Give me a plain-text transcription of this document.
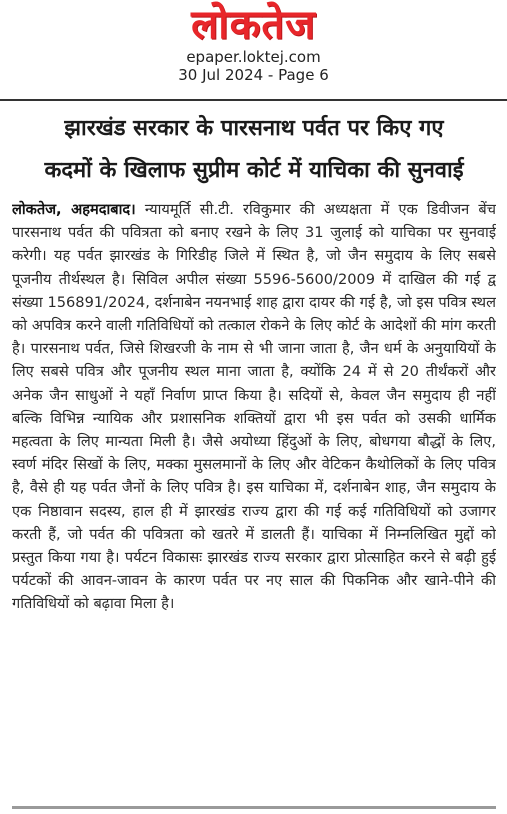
लोकतेज
epaper.loktej.com
30 Jul 2024 - Page 6
झारखंड सरकार के पारसनाथ पर्वत पर किए गए
कदमों के खिलाफ सुप्रीम कोर्ट में याचिका की सुनवाई

लोकतेज, अहमदाबाद। न्यायमूर्ति सी.टी. रविकुमार की अध्यक्षता में एक डिवीजन बेंच पारसनाथ पर्वत की पवित्रता को बनाए रखने के लिए 31 जुलाई को याचिका पर सुनवाई करेगी। यह पर्वत झारखंड के गिरिडीह जिले में स्थित है, जो जैन समुदाय के लिए सबसे पूजनीय तीर्थस्थल है। सिविल अपील संख्या 5596-5600/2009 में दाखिल की गई द्व संख्या 156891/2024, दर्शनाबेन नयनभाई शाह द्वारा दायर की गई है, जो इस पवित्र स्थल को अपवित्र करने वाली गतिविधियों को तत्काल रोकने के लिए कोर्ट के आदेशों की मांग करती है। पारसनाथ पर्वत, जिसे शिखरजी के नाम से भी जाना जाता है, जैन धर्म के अनुयायियों के लिए सबसे पवित्र और पूजनीय स्थल माना जाता है, क्योंकि 24 में से 20 तीर्थंकरों और अनेक जैन साधुओं ने यहाँ निर्वाण प्राप्त किया है। सदियों से, केवल जैन समुदाय ही नहीं बल्कि विभिन्न न्यायिक और प्रशासनिक शक्तियों द्वारा भी इस पर्वत को उसकी धार्मिक महत्वता के लिए मान्यता मिली है। जैसे अयोध्या हिंदुओं के लिए, बोधगया बौद्धों के लिए, स्वर्ण मंदिर सिखों के लिए, मक्का मुसलमानों के लिए और वेटिकन कैथोलिकों के लिए पवित्र है, वैसे ही यह पर्वत जैनों के लिए पवित्र है। इस याचिका में, दर्शनाबेन शाह, जैन समुदाय के एक निष्ठावान सदस्य, हाल ही में झारखंड राज्य द्वारा की गई कई गतिविधियों को उजागर करती हैं, जो पर्वत की पवित्रता को खतरे में डालती हैं। याचिका में निम्नलिखित मुद्दों को प्रस्तुत किया गया है। पर्यटन विकासः झारखंड राज्य सरकार द्वारा प्रोत्साहित करने से बढ़ी हुई पर्यटकों की आवन-जावन के कारण पर्वत पर नए साल की पिकनिक और खाने-पीने की गतिविधियों को बढ़ावा मिला है।
